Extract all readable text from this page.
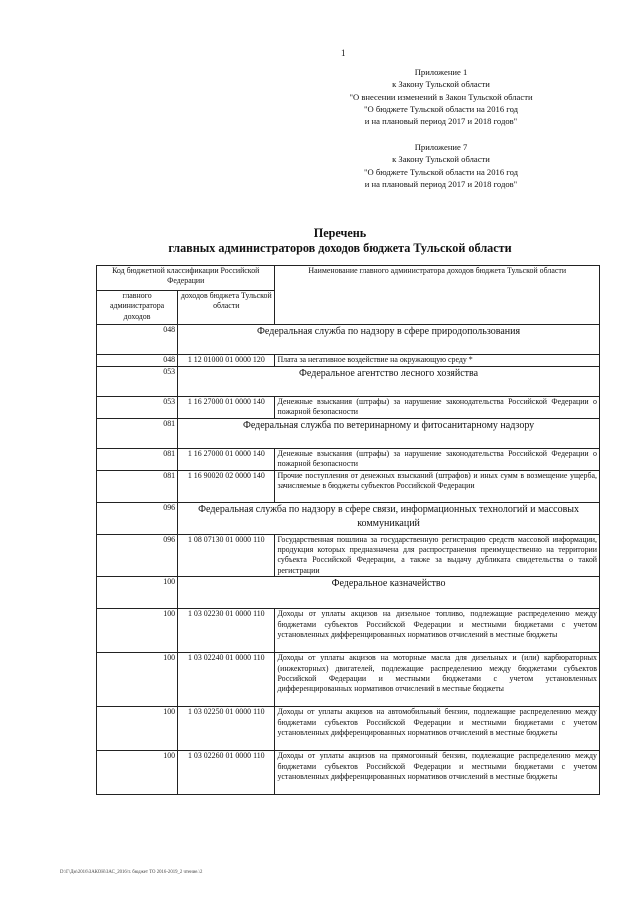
1
Приложение 1
к Закону Тульской области
"О внесении изменений в Закон Тульской области
"О бюджете Тульской области на 2016 год
и на плановый период 2017 и 2018 годов"
Приложение 7
к Закону Тульской области
"О бюджете Тульской области на 2016 год
и на плановый период 2017 и 2018 годов"
Перечень
главных администраторов доходов бюджета Тульской области
Код бюджетной классификации Российской Федерации		Наименование главного администратора доходов бюджета Тульской области
главного администратора доходов	доходов бюджета Тульской области	
048	Федеральная служба по надзору в сфере природопользования	
048	1 12 01000 01 0000 120	Плата за негативное воздействие на окружающую среду *
053	Федеральное агентство лесного хозяйства	
053	1 16 27000 01 0000 140	Денежные взыскания (штрафы) за нарушение законодательства Российской Федерации о пожарной безопасности
081	Федеральная служба по ветеринарному и фитосанитарному надзору	
081	1 16 27000 01 0000 140	Денежные взыскания (штрафы) за нарушение законодательства Российской Федерации о пожарной безопасности
081	1 16 90020 02 0000 140	Прочие поступления от денежных взысканий (штрафов) и иных сумм в возмещение ущерба, зачисляемые в бюджеты субъектов Российской Федерации
096	Федеральная служба по надзору в сфере связи, информационных технологий и массовых коммуникаций	
096	1 08 07130 01 0000 110	Государственная пошлина за государственную регистрацию средств массовой информации, продукция которых предназначена для распространения преимущественно на территории субъекта Российской Федерации, а также за выдачу дубликата свидетельства о такой регистрации
100	Федеральное казначейство	
100	1 03 02230 01 0000 110	Доходы от уплаты акцизов на дизельное топливо, подлежащие распределению между бюджетами субъектов Российской Федерации и местными бюджетами с учетом установленных дифференцированных нормативов отчислений в местные бюджеты
100	1 03 02240 01 0000 110	Доходы от уплаты акцизов на моторные масла для дизельных и (или) карбюраторных (инжекторных) двигателей, подлежащие распределению между бюджетами субъектов Российской Федерации и местными бюджетами с учетом установленных дифференцированных нормативов отчислений в местные бюджеты
100	1 03 02250 01 0000 110	Доходы от уплаты акцизов на автомобильный бензин, подлежащие распределению между бюджетами субъектов Российской Федерации и местными бюджетами с учетом установленных дифференцированных нормативов отчислений в местные бюджеты
100	1 03 02260 01 0000 110	Доходы от уплаты акцизов на прямогонный бензин, подлежащие распределению между бюджетами субъектов Российской Федерации и местными бюджетами с учетом установленных дифференцированных нормативов отчислений в местные бюджеты
D:\Г\Дм\2016\ЗАКОН\ЗАС_2016\т. бюджет ТО 2016-2019_2 чтение.\2
